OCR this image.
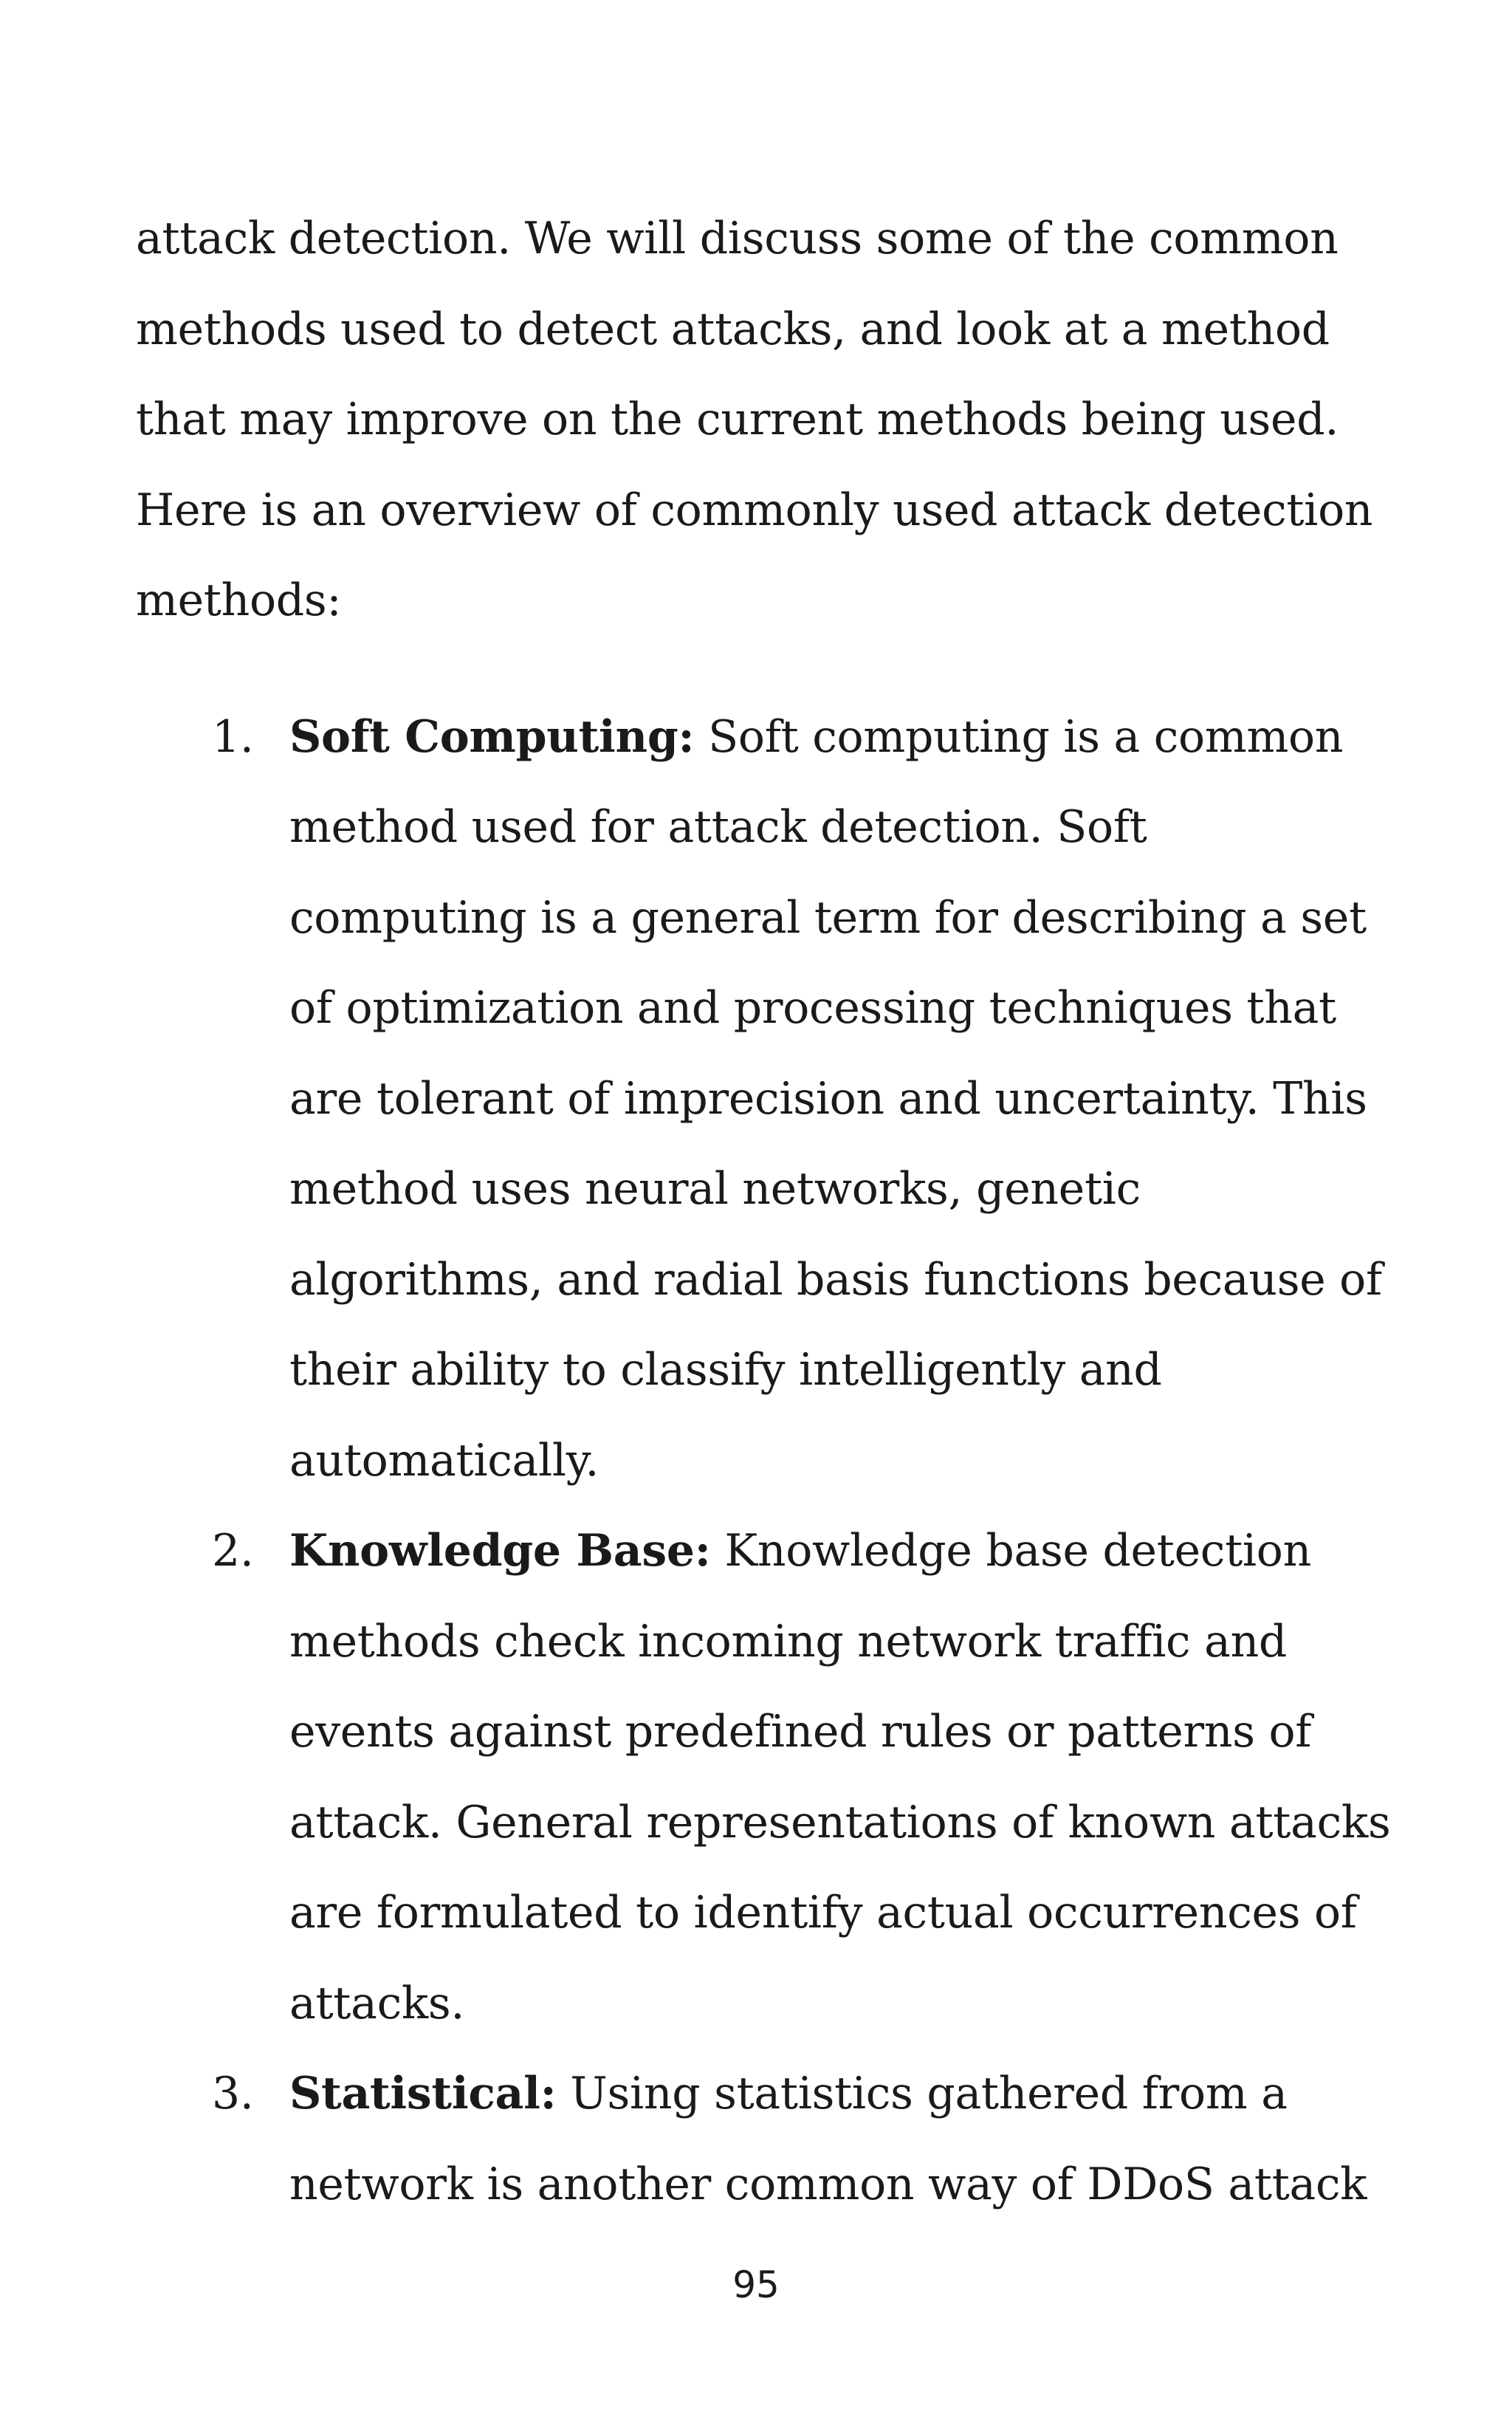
attack detection. We will discuss some of the common methods used to detect attacks, and look at a method that may improve on the current methods being used. Here is an overview of commonly used attack detection methods:

1. Soft Computing: Soft computing is a common method used for attack detection. Soft computing is a general term for describing a set of optimization and processing techniques that are tolerant of imprecision and uncertainty. This method uses neural networks, genetic algorithms, and radial basis functions because of their ability to classify intelligently and automatically.
2. Knowledge Base: Knowledge base detection methods check incoming network traffic and events against predefined rules or patterns of attack. General representations of known attacks are formulated to identify actual occurrences of attacks.
3. Statistical: Using statistics gathered from a network is another common way of DDoS attack
95
